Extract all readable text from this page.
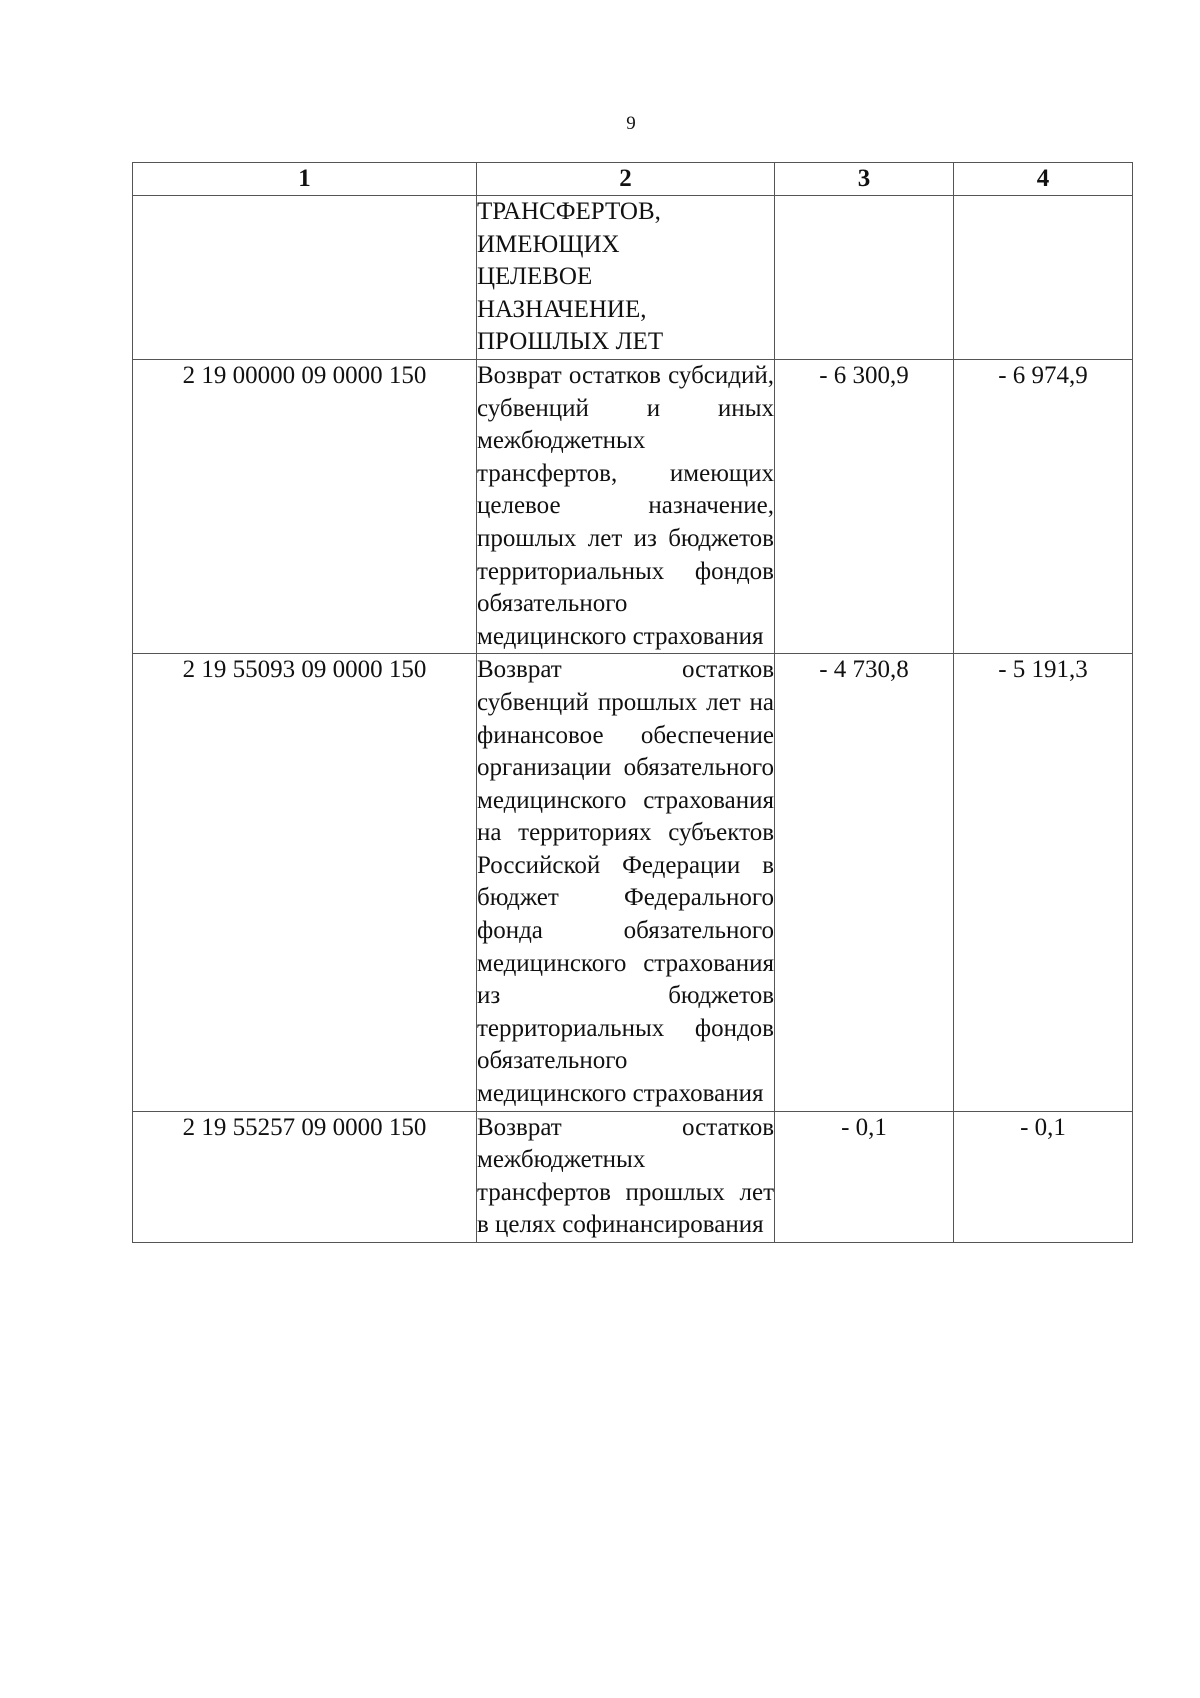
9
1	2	3	4

	ТРАНСФЕРТОВ,
ИМЕЮЩИХ
ЦЕЛЕВОЕ
НАЗНАЧЕНИЕ,
ПРОШЛЫХ ЛЕТ		

2 19 00000 09 0000 150	Возврат остатков субсидий, субвенций и иных межбюджетных трансфертов, имеющих целевое назначение, прошлых лет из бюджетов территориальных фондов обязательного медицинского страхования	- 6 300,9	- 6 974,9
2 19 55093 09 0000 150	Возврат остатков субвенций прошлых лет на финансовое обеспечение организации обязательного медицинского страхования на территориях субъектов Российской Федерации в бюджет Федерального фонда обязательного медицинского страхования из бюджетов территориальных фондов обязательного медицинского страхования	- 4 730,8	- 5 191,3
2 19 55257 09 0000 150	Возврат остатков межбюджетных трансфертов прошлых лет в целях софинансирования	- 0,1	- 0,1
